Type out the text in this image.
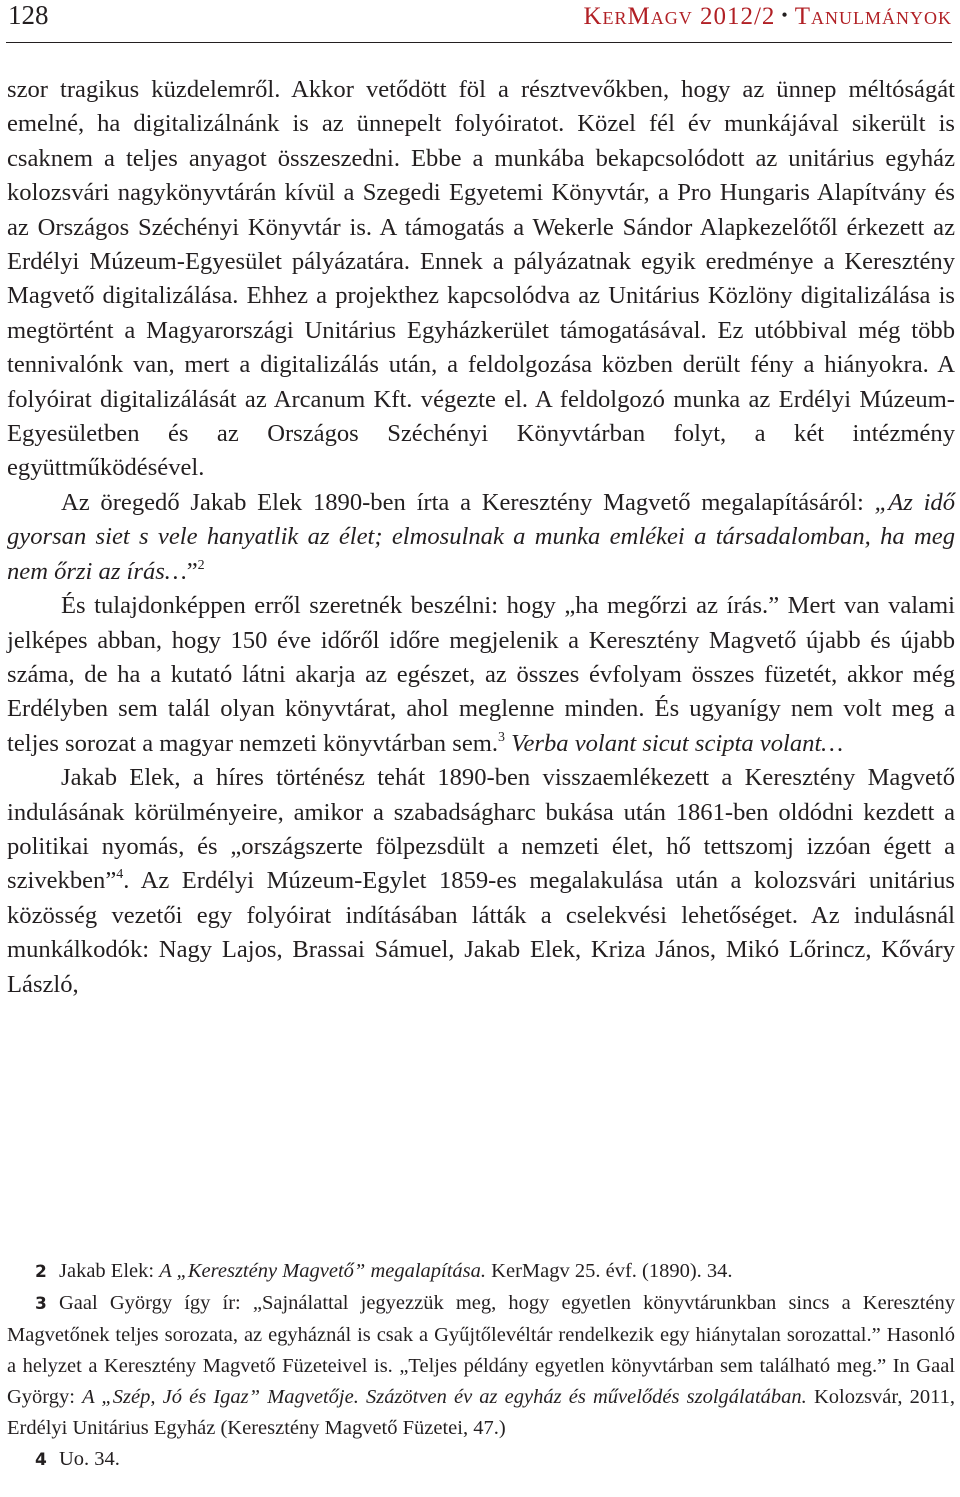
128	KerMagv 2012/2 • Tanulmányok

szor tragikus küzdelemről. Akkor vetődött föl a résztvevőkben, hogy az ünnep méltóságát emelné, ha digitalizálnánk is az ünnepelt folyóiratot. Közel fél év munkájával sikerült is csaknem a teljes anyagot összeszedni. Ebbe a munkába bekapcsolódott az unitárius egyház kolozsvári nagykönyvtárán kívül a Szegedi Egyetemi Könyvtár, a Pro Hungaris Alapítvány és az Országos Széchényi Könyvtár is. A támogatás a Wekerle Sándor Alapkezelőtől érkezett az Erdélyi Múzeum-Egyesület pályázatára. Ennek a pályázatnak egyik eredménye a Keresztény Magvető digitalizálása. Ehhez a projekthez kapcsolódva az Unitárius Közlöny digitalizálása is megtörtént a Magyarországi Unitárius Egyházkerület támogatásával. Ez utóbbival még több tennivalónk van, mert a digitalizálás után, a feldolgozása közben derült fény a hiányokra. A folyóirat digitalizálását az Arcanum Kft. végezte el. A feldolgozó munka az Erdélyi Múzeum-Egyesületben és az Országos Széchényi Könyvtárban folyt, a két intézmény együttműködésével.

Az öregedő Jakab Elek 1890-ben írta a Keresztény Magvető megalapításáról: „Az idő gyorsan siet s vele hanyatlik az élet; elmosulnak a munka emlékei a társadalomban, ha meg nem őrzi az írás…”$^2$

És tulajdonképpen erről szeretnék beszélni: hogy „ha megőrzi az írás.” Mert van valami jelképes abban, hogy 150 éve időről időre megjelenik a Keresztény Magvető újabb és újabb száma, de ha a kutató látni akarja az egészet, az összes évfolyam összes füzetét, akkor még Erdélyben sem talál olyan könyvtárat, ahol meglenne minden. És ugyanígy nem volt meg a teljes sorozat a magyar nemzeti könyvtárban sem.$^3$ Verba volant sicut scipta volant…

Jakab Elek, a híres történész tehát 1890-ben visszaemlékezett a Keresztény Magvető indulásának körülményeire, amikor a szabadságharc bukása után 1861-ben oldódni kezdett a politikai nyomás, és „országszerte fölpezsdült a nemzeti élet, hő tettszomj izzóan égett a szivekben”$^4$. Az Erdélyi Múzeum-Egylet 1859-es megalakulása után a kolozsvári unitárius közösség vezetői egy folyóirat indításában látták a cselekvési lehetőséget. Az indulásnál munkálkodók: Nagy Lajos, Brassai Sámuel, Jakab Elek, Kriza János, Mikó Lőrincz, Kőváry László,

2 Jakab Elek: A „Keresztény Magvető” megalapítása. KerMagv 25. évf. (1890). 34.

3 Gaal György így ír: „Sajnálattal jegyezzük meg, hogy egyetlen könyvtárunkban sincs a Keresztény Magvetőnek teljes sorozata, az egyháznál is csak a Gyűjtőlevéltár rendelkezik egy hiánytalan sorozattal.” Hasonló a helyzet a Keresztény Magvető Füzeteivel is. „Teljes példány egyetlen könyvtárban sem található meg.” In Gaal György: A „Szép, Jó és Igaz” Magvetője. Százötven év az egyház és művelődés szolgálatában. Kolozsvár, 2011, Erdélyi Unitárius Egyház (Keresztény Magvető Füzetei, 47.)

4 Uo. 34.
